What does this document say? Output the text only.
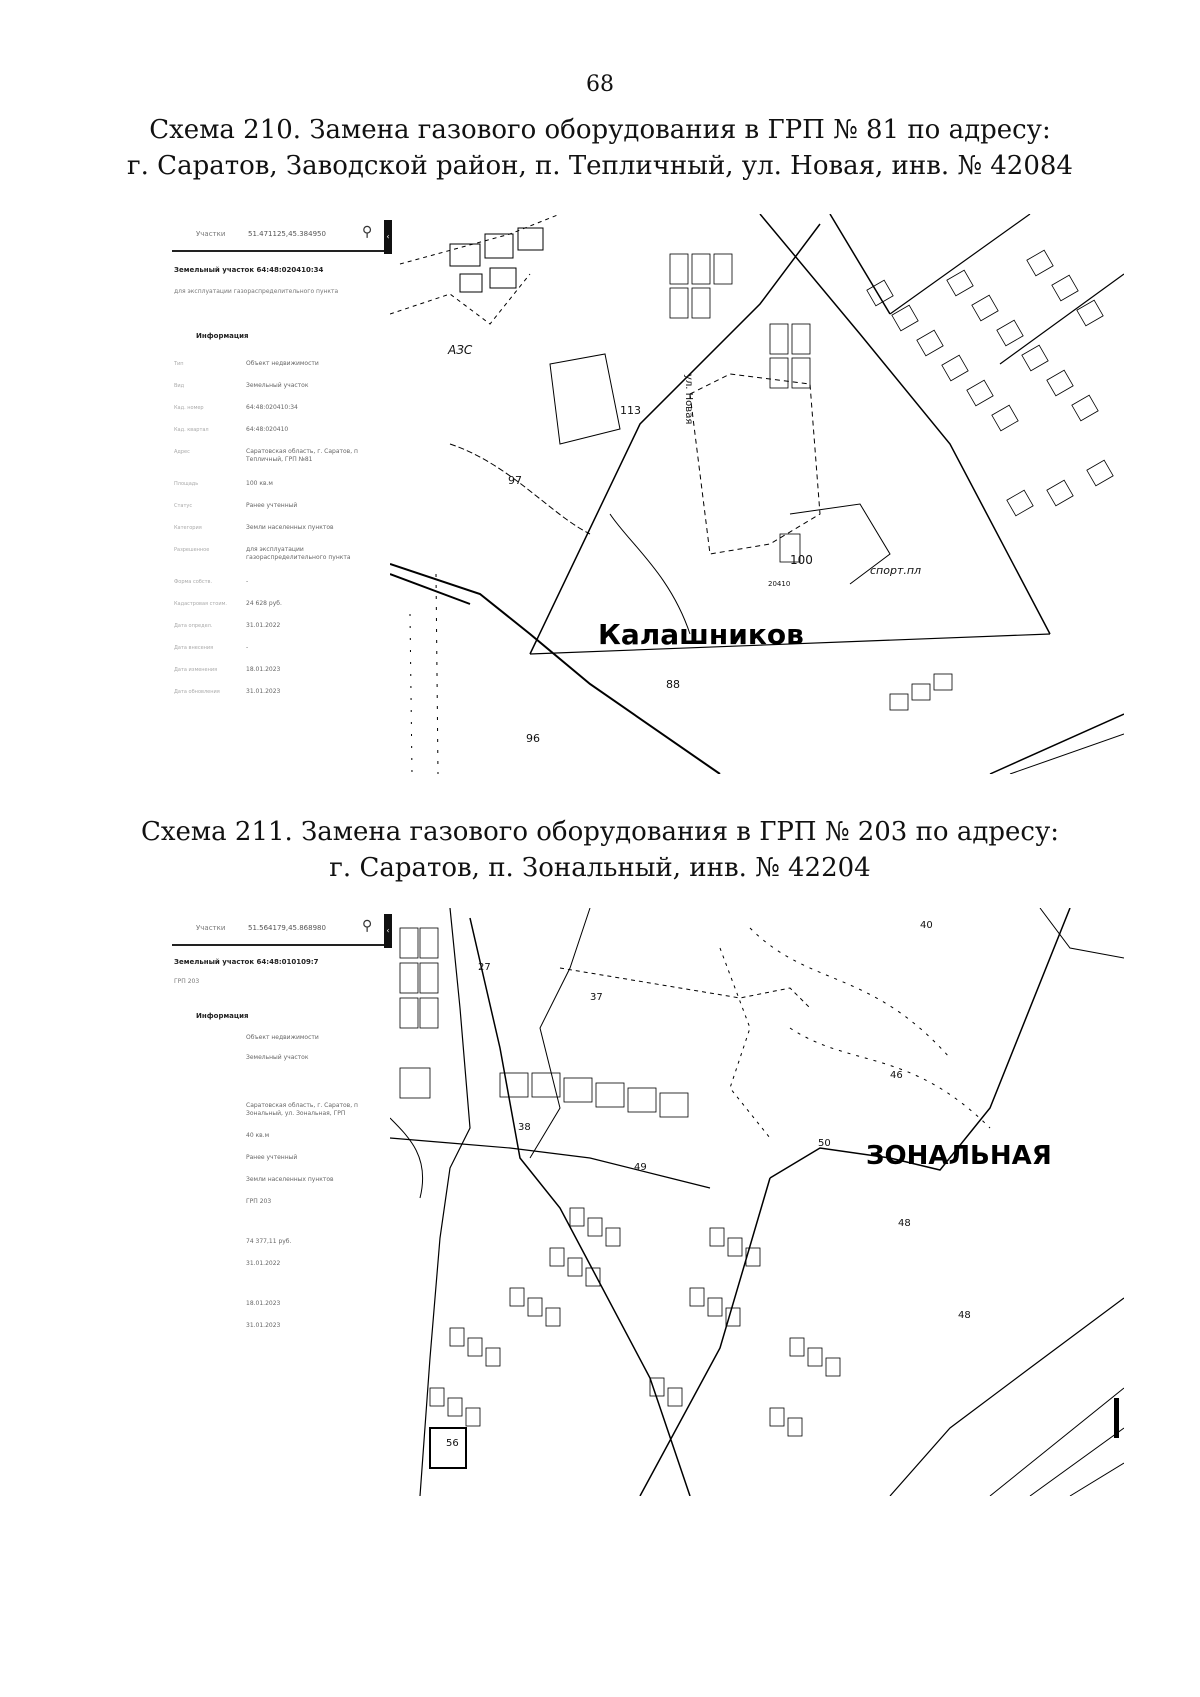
68
Схема 210. Замена газового оборудования в ГРП № 81 по адресу:
г. Саратов, Заводской район, п. Тепличный, ул. Новая, инв. № 42084
Участки	51.471125,45.384950	⚲ ‹
Земельный участок 64:48:020410:34
для эксплуатации газораспределительного пункта
Информация
Тип	Объект недвижимости
Вид	Земельный участок
Кад. номер	64:48:020410:34
Кад. квартал	64:48:020410
Адрес	Саратовская область, г. Саратов, п Тепличный, ГРП №81
Площадь	100 кв.м
Статус	Ранее учтенный
Категория	Земли населенных пунктов
Разрешенное	для эксплуатации газораспределительного пункта
Форма собств.	-
Кадастровая стоим.	24 628 руб.
Дата определ.	31.01.2022
Дата внесения	-
Дата изменения	18.01.2023
Дата обновления	31.01.2023
АЗС
97
113	ул. Новая
100
20410
спорт.пл
Калашников
88
96
Схема 211. Замена газового оборудования в ГРП № 203 по адресу:
г. Саратов, п. Зональный, инв. № 42204
Участки	51.564179,45.868980	⚲ ‹
Земельный участок 64:48:010109:7
ГРП 203
Информация
Объект недвижимости
Земельный участок
Саратовская область, г. Саратов, п Зональный, ул. Зональная, ГРП
40 кв.м
Ранее учтенный
Земли населенных пунктов
ГРП 203
74 377,11 руб.
31.01.2022
18.01.2023
31.01.2023
27
37
38
40
46
49
50 ЗОНАЛЬНАЯ
48
48
56
